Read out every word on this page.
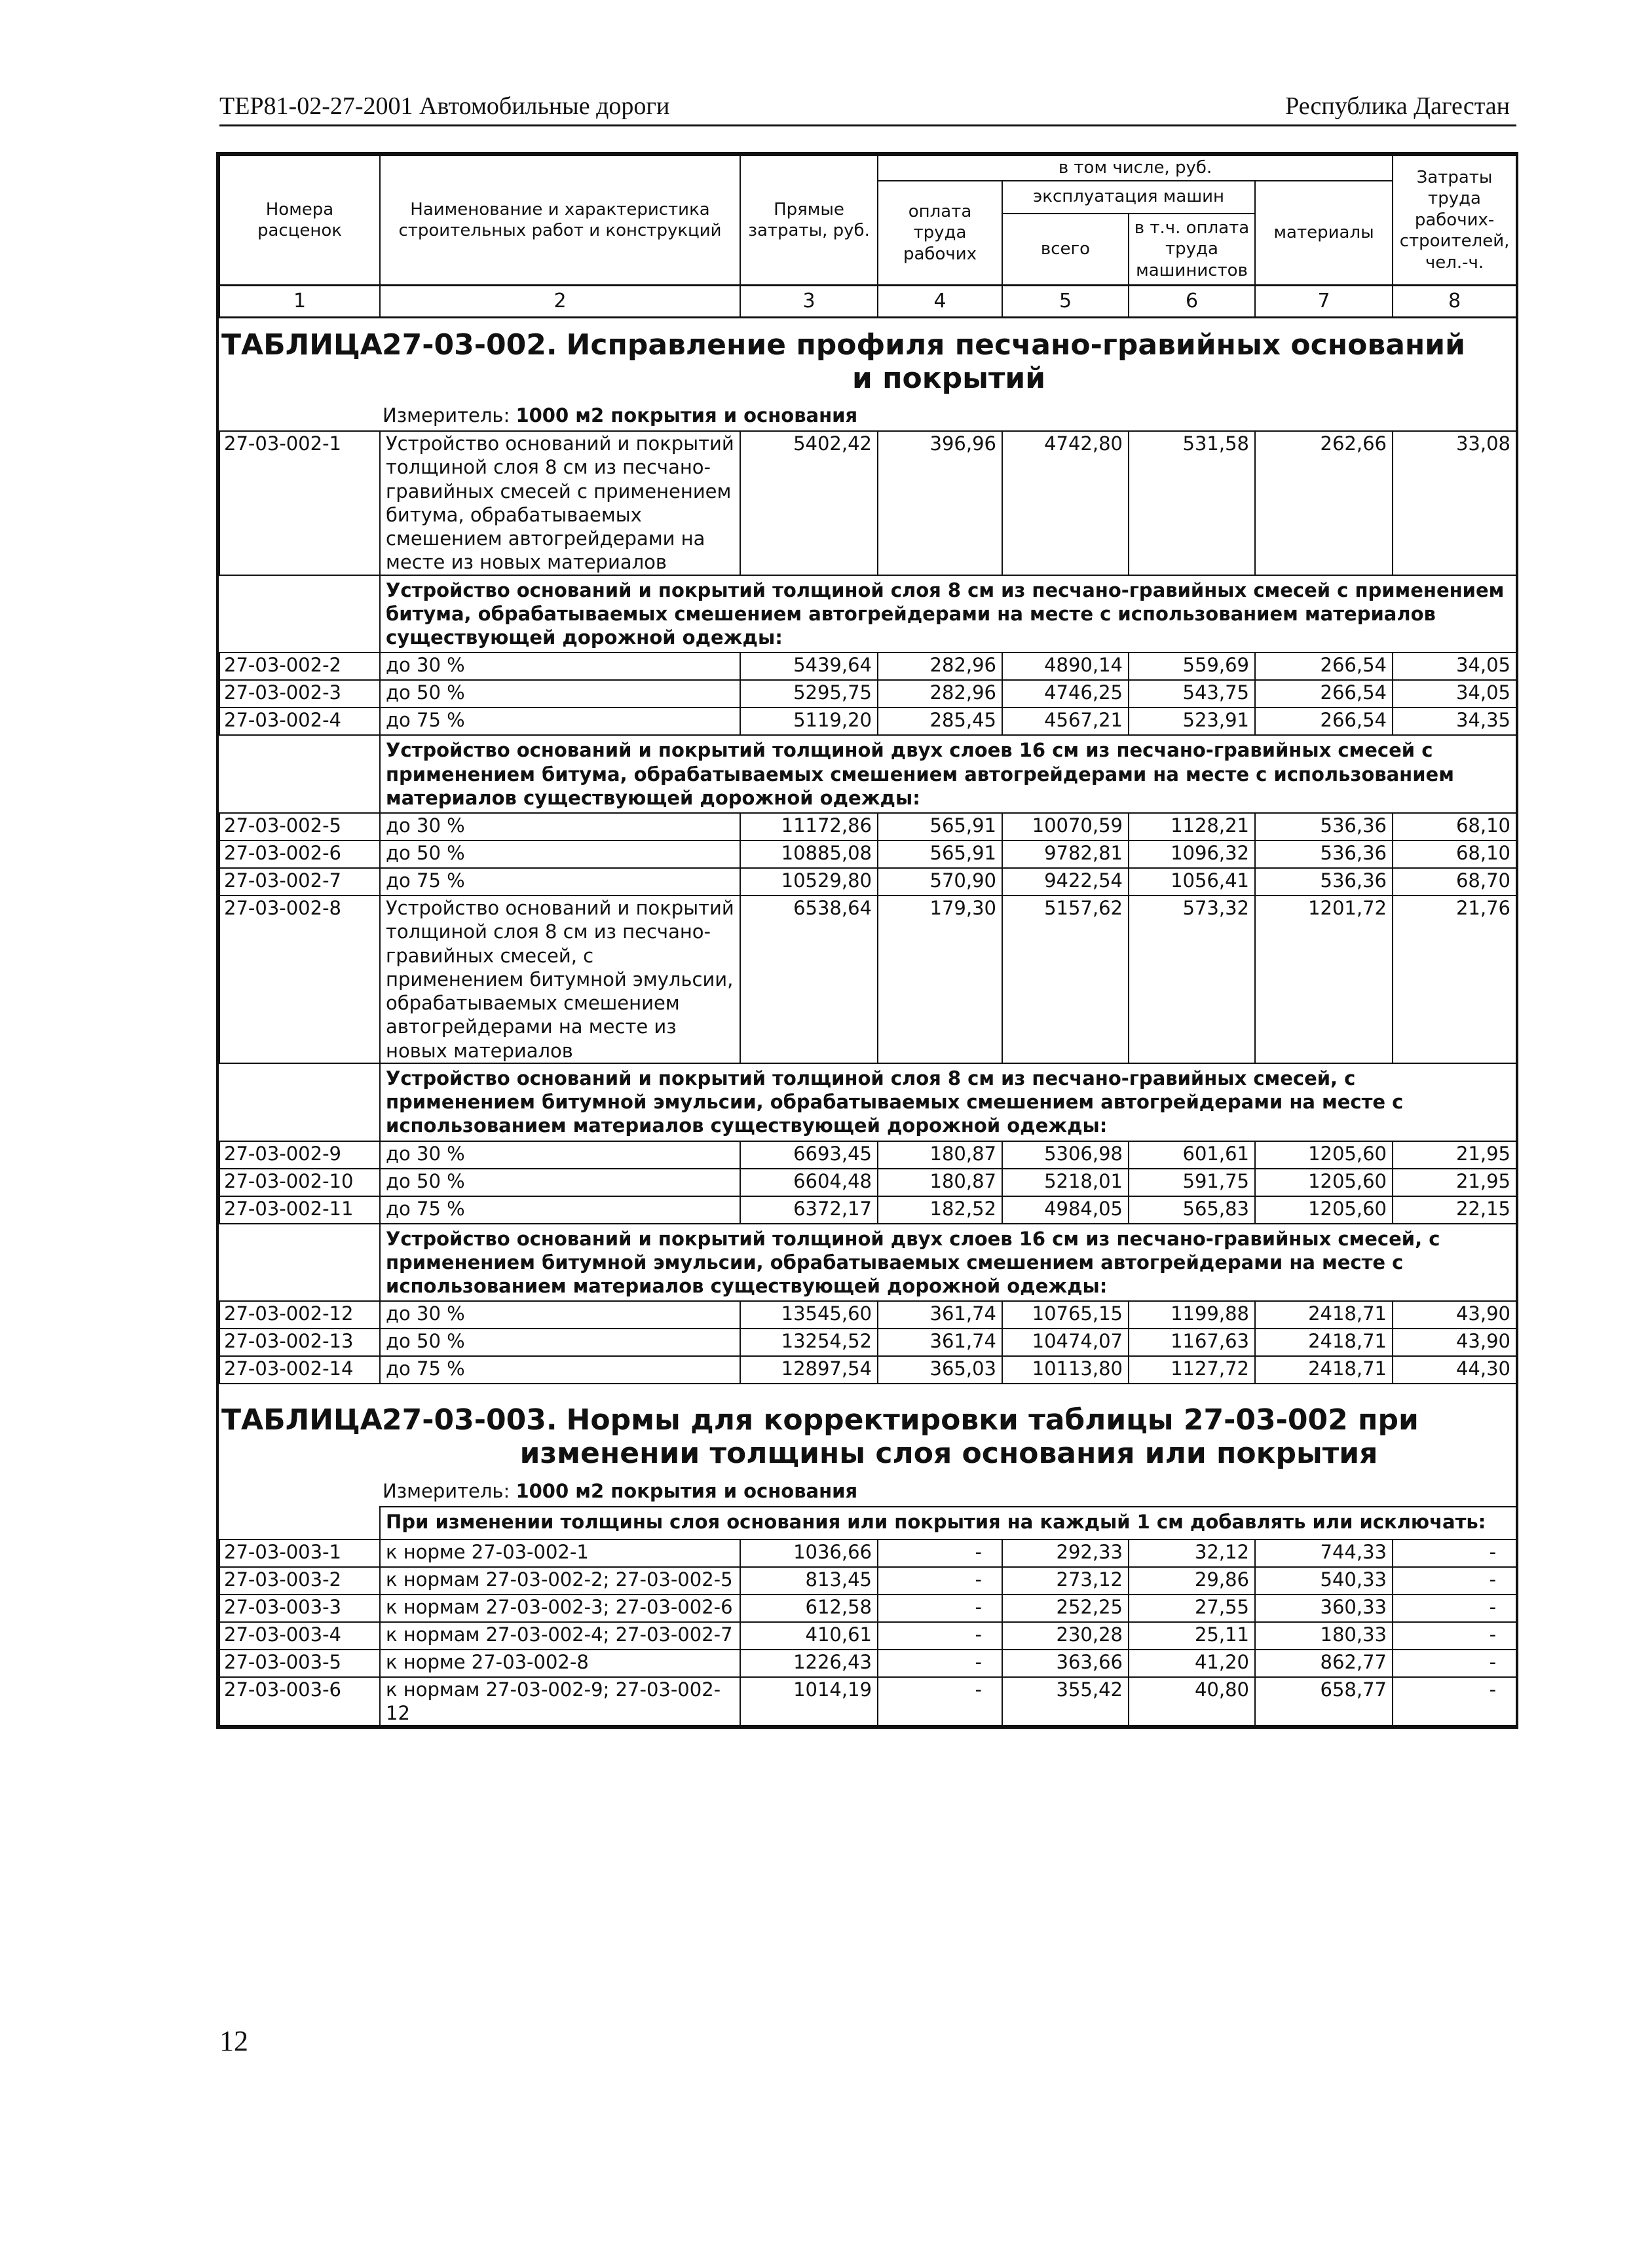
ТЕР81-02-27-2001 Автомобильные дороги	Республика Дагестан
Номера расценок	Наименование и характеристика строительных работ и конструкций	Прямые затраты, руб.	в том числе, руб.				Затраты труда рабочих-строителей, чел.-ч.
			оплата труда рабочих	эксплуатация машин		материалы	
				всего	в т.ч. оплата труда машинистов		
1	2	3	4	5	6	7	8
ТАБЛИЦА 27-03-002. Исправление профиля песчано-гравийных оснований
и покрытий
Измеритель: 1000 м2 покрытия и основания
27-03-002-1	Устройство оснований и покрытий толщиной слоя 8 см из песчано-гравийных смесей с применением битума, обрабатываемых смешением автогрейдерами на месте из новых материалов	5402,42	396,96	4742,80	531,58	262,66	33,08
	Устройство оснований и покрытий толщиной слоя 8 см из песчано-гравийных смесей с применением битума, обрабатываемых смешением автогрейдерами на месте с использованием материалов существующей дорожной одежды:						
27-03-002-2	до 30 %	5439,64	282,96	4890,14	559,69	266,54	34,05
27-03-002-3	до 50 %	5295,75	282,96	4746,25	543,75	266,54	34,05
27-03-002-4	до 75 %	5119,20	285,45	4567,21	523,91	266,54	34,35
	Устройство оснований и покрытий толщиной двух слоев 16 см из песчано-гравийных смесей с применением битума, обрабатываемых смешением автогрейдерами на месте с использованием материалов существующей дорожной одежды:						
27-03-002-5	до 30 %	11172,86	565,91	10070,59	1128,21	536,36	68,10
27-03-002-6	до 50 %	10885,08	565,91	9782,81	1096,32	536,36	68,10
27-03-002-7	до 75 %	10529,80	570,90	9422,54	1056,41	536,36	68,70
27-03-002-8	Устройство оснований и покрытий толщиной слоя 8 см из песчано-гравийных смесей, с применением битумной эмульсии, обрабатываемых смешением автогрейдерами на месте из новых материалов	6538,64	179,30	5157,62	573,32	1201,72	21,76
	Устройство оснований и покрытий толщиной слоя 8 см из песчано-гравийных смесей, с применением битумной эмульсии, обрабатываемых смешением автогрейдерами на месте с использованием материалов существующей дорожной одежды:						
27-03-002-9	до 30 %	6693,45	180,87	5306,98	601,61	1205,60	21,95
27-03-002-10	до 50 %	6604,48	180,87	5218,01	591,75	1205,60	21,95
27-03-002-11	до 75 %	6372,17	182,52	4984,05	565,83	1205,60	22,15
	Устройство оснований и покрытий толщиной двух слоев 16 см из песчано-гравийных смесей, с применением битумной эмульсии, обрабатываемых смешением автогрейдерами на месте с использованием материалов существующей дорожной одежды:						
27-03-002-12	до 30 %	13545,60	361,74	10765,15	1199,88	2418,71	43,90
27-03-002-13	до 50 %	13254,52	361,74	10474,07	1167,63	2418,71	43,90
27-03-002-14	до 75 %	12897,54	365,03	10113,80	1127,72	2418,71	44,30
ТАБЛИЦА 27-03-003. Нормы для корректировки таблицы 27-03-002 при
изменении толщины слоя основания или покрытия
Измеритель: 1000 м2 покрытия и основания
	При изменении толщины слоя основания или покрытия на каждый 1 см добавлять или исключать:						
27-03-003-1	к норме 27-03-002-1	1036,66	-	292,33	32,12	744,33	-
27-03-003-2	к нормам 27-03-002-2; 27-03-002-5	813,45	-	273,12	29,86	540,33	-
27-03-003-3	к нормам 27-03-002-3; 27-03-002-6	612,58	-	252,25	27,55	360,33	-
27-03-003-4	к нормам 27-03-002-4; 27-03-002-7	410,61	-	230,28	25,11	180,33	-
27-03-003-5	к норме 27-03-002-8	1226,43	-	363,66	41,20	862,77	-
27-03-003-6	к нормам 27-03-002-9; 27-03-002-12	1014,19	-	355,42	40,80	658,77	-
12
